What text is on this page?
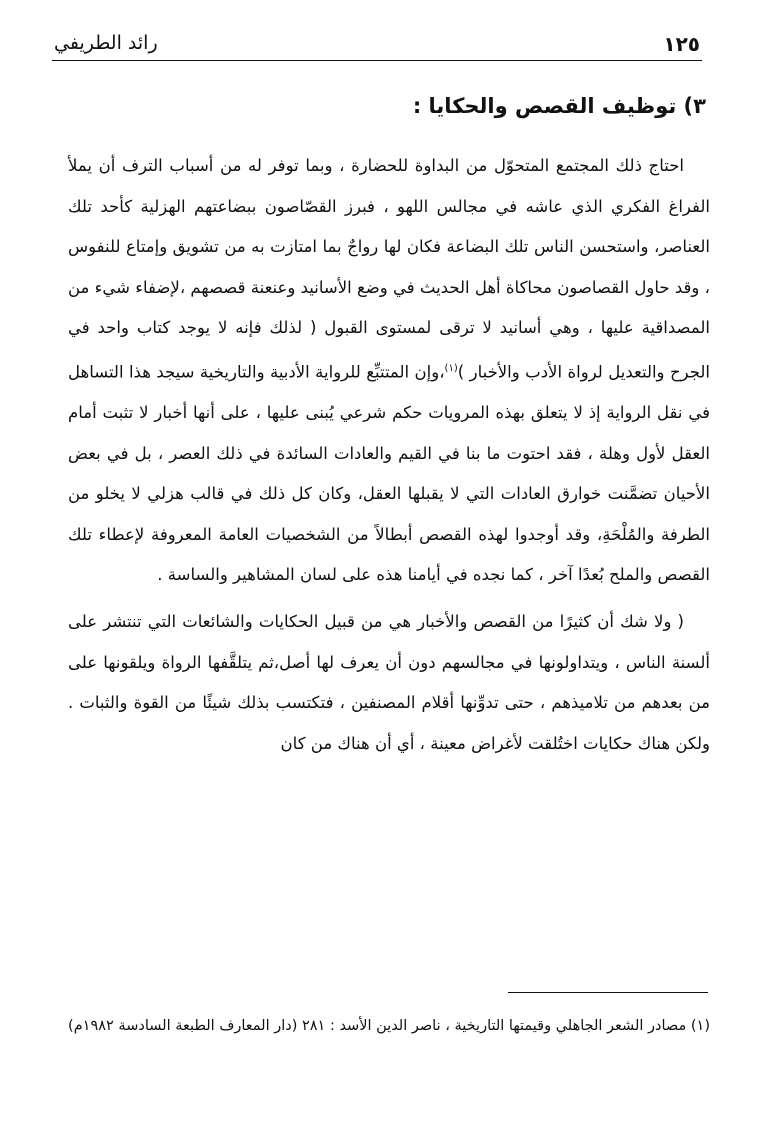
١٢٥
رائد الطريفي
٣) توظيف القصص والحكايا :

احتاج ذلك المجتمع المتحوّل من البداوة للحضارة ، وبما توفر له من أسباب الترف أن يملأ الفراغ الفكري الذي عاشه في مجالس اللهو ، فبرز القصّاصون ببضاعتهم الهزلية كأحد تلك العناصر، واستحسن الناس تلك البضاعة فكان لها رواجٌ بما امتازت به من تشويق وإمتاع للنفوس ، وقد حاول القصاصون محاكاة أهل الحديث في وضع الأسانيد وعنعنة قصصهم ،لإضفاء شيء من المصداقية عليها ، وهي أسانيد لا ترقى لمستوى القبول ( لذلك فإنه لا يوجد كتاب واحد في الجرح والتعديل لرواة الأدب والأخبار )$^{(١)}$،وإن المتتبِّع للرواية الأدبية والتاريخية سيجد هذا التساهل في نقل الرواية إذ لا يتعلق بهذه المرويات حكم شرعي يُبنى عليها ، على أنها أخبار لا تثبت أمام العقل لأول وهلة ، فقد احتوت ما بنا في القيم والعادات السائدة في ذلك العصر ، بل في بعض الأحيان تضمَّنت خوارق العادات التي لا يقبلها العقل، وكان كل ذلك في قالب هزلي لا يخلو من الطرفة والمُلْحَةِ، وقد أوجدوا لهذه القصص أبطالاً من الشخصيات العامة المعروفة لإعطاء تلك القصص والملح بُعدًا آخر ، كما نجده في أيامنا هذه على لسان المشاهير والساسة .

( ولا شك أن كثيرًا من القصص والأخبار هي من قبيل الحكايات والشائعات التي تنتشر على ألسنة الناس ، ويتداولونها في مجالسهم دون أن يعرف لها أصل،ثم يتلقَّفها الرواة ويلقونها على من بعدهم من تلاميذهم ، حتى تدوِّنها أقلام المصنفين ، فتكتسب بذلك شيئًا من القوة والثبات . ولكن هناك حكايات اختُلقت لأغراض معينة ، أي أن هناك من كان

(١) مصادر الشعر الجاهلي وقيمتها التاريخية ، ناصر الدين الأسد : ٢٨١ (دار المعارف الطبعة السادسة ١٩٨٢م)
